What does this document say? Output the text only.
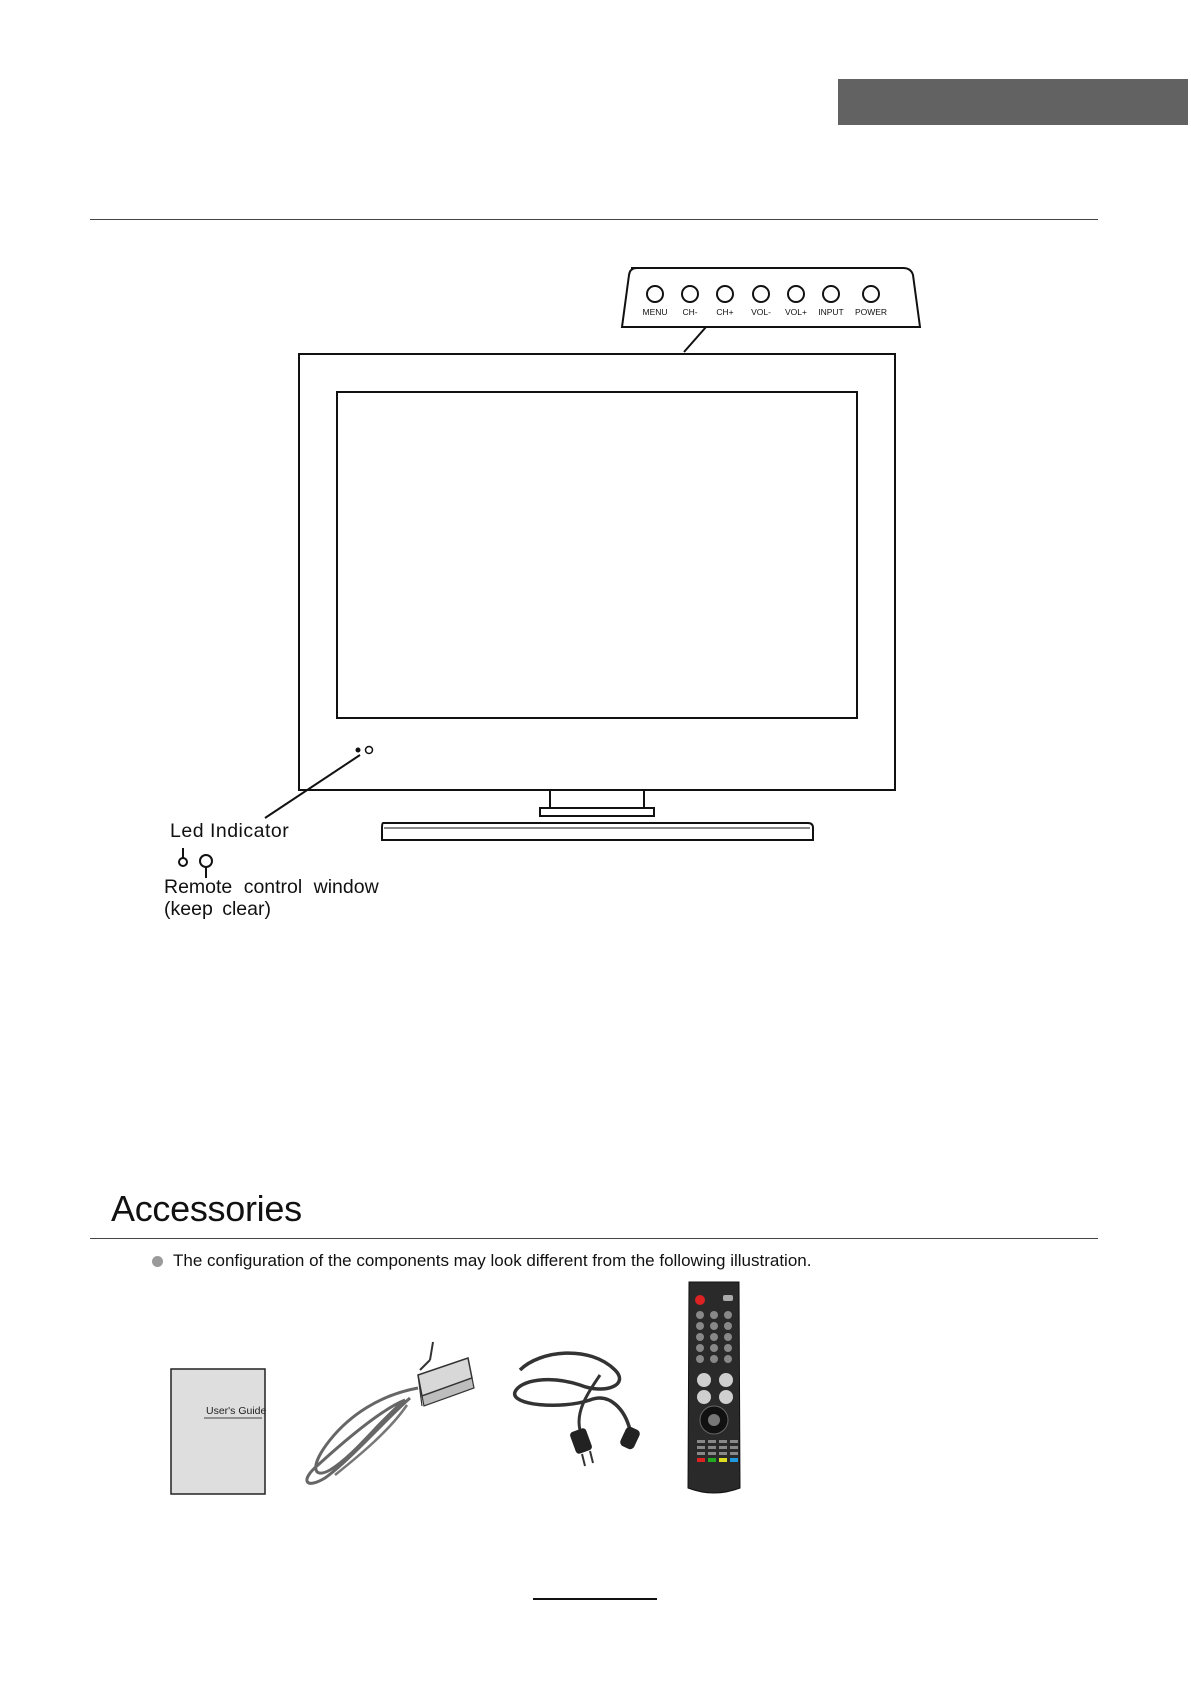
MENU CH- CH+ VOL- VOL+ INPUT POWER
Led Indicator
Remote control window
(keep clear)
Accessories
The configuration of the components may look different from the following illustration.
User's Guide
